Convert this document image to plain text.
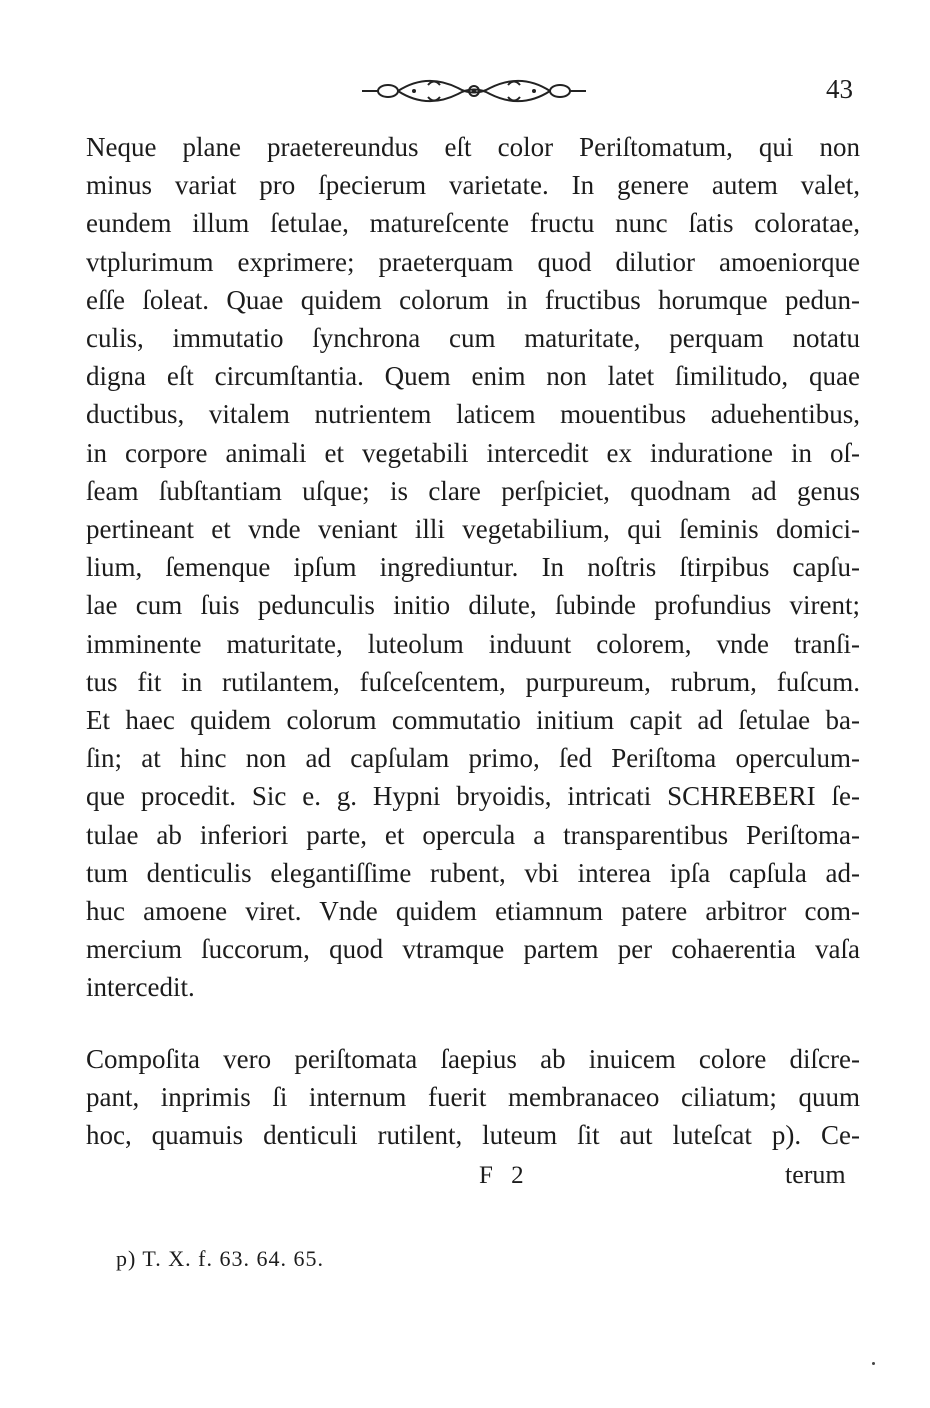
43

Neque plane praetereundus eſt color Periſtomatum, qui non
minus variat pro ſpecierum varietate. In genere autem valet,
eundem illum ſetulae, matureſcente fructu nunc ſatis coloratae,
vtplurimum exprimere; praeterquam quod dilutior amoeniorque
eſſe ſoleat. Quae quidem colorum in fructibus horumque pedun-
culis, immutatio ſynchrona cum maturitate, perquam notatu
digna eſt circumſtantia. Quem enim non latet ſimilitudo, quae
ductibus, vitalem nutrientem laticem mouentibus aduehentibus,
in corpore animali et vegetabili intercedit ex induratione in oſ-
ſeam ſubſtantiam uſque; is clare perſpiciet, quodnam ad genus
pertineant et vnde veniant illi vegetabilium, qui ſeminis domici-
lium, ſemenque ipſum ingrediuntur. In noſtris ſtirpibus capſu-
lae cum ſuis pedunculis initio dilute, ſubinde profundius virent;
imminente maturitate, luteolum induunt colorem, vnde tranſi-
tus fit in rutilantem, fuſceſcentem, purpureum, rubrum, fuſcum.
Et haec quidem colorum commutatio initium capit ad ſetulae ba-
ſin; at hinc non ad capſulam primo, ſed Periſtoma operculum-
que procedit. Sic e. g. Hypni bryoidis, intricati SCHREBERI ſe-
tulae ab inferiori parte, et opercula a transparentibus Periſtoma-
tum denticulis elegantiſſime rubent, vbi interea ipſa capſula ad-
huc amoene viret. Vnde quidem etiamnum patere arbitror com-
mercium ſuccorum, quod vtramque partem per cohaerentia vaſa
intercedit.

Compoſita vero periſtomata ſaepius ab inuicem colore diſcre-
pant, inprimis ſi internum fuerit membranaceo ciliatum; quum
hoc, quamuis denticuli rutilent, luteum ſit aut luteſcat p). Ce-

F 2	terum
p) T. X. f. 63. 64. 65.
